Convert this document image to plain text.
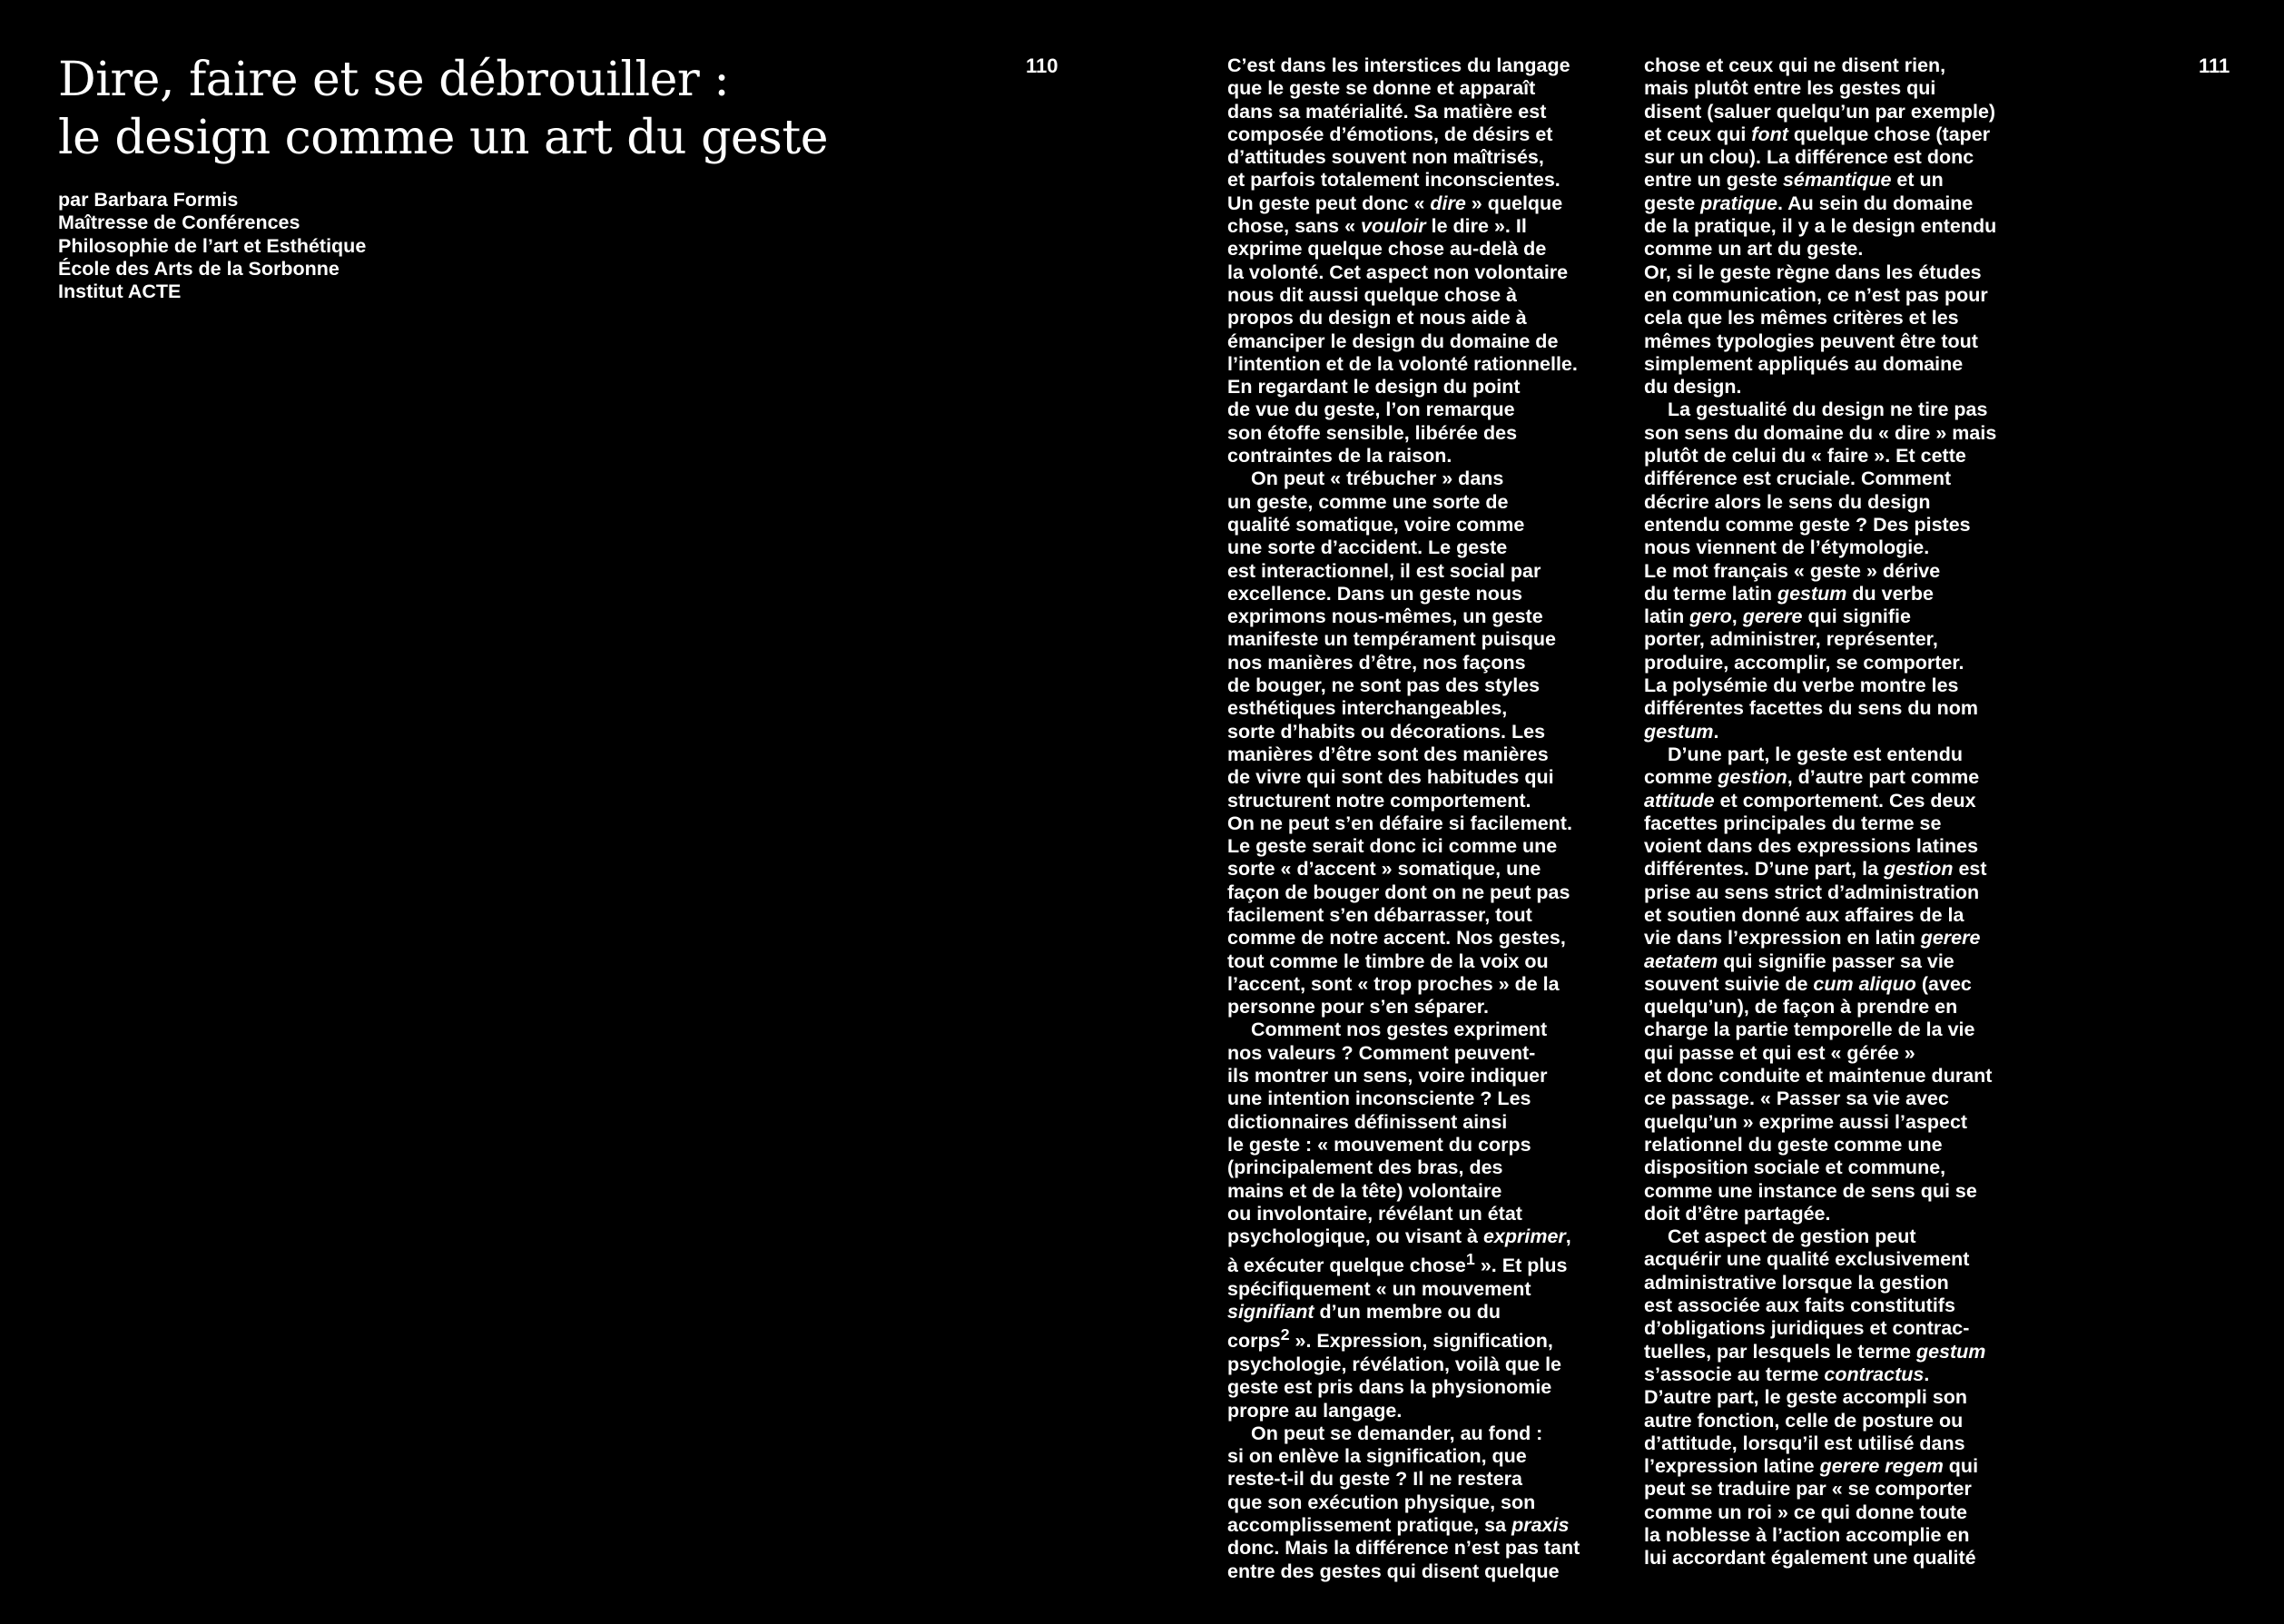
Dire, faire et se débrouiller :
le design comme un art du geste
par Barbara Formis
Maîtresse de Conférences
Philosophie de l’art et Esthétique
École des Arts de la Sorbonne
Institut ACTE
110	111
C’est dans les interstices du langage
que le geste se donne et apparaît
dans sa matérialité. Sa matière est
composée d’émotions, de désirs et
d’attitudes souvent non maîtrisés,
et parfois totalement inconscientes.
Un geste peut donc « dire » quelque
chose, sans « vouloir le dire ». Il
exprime quelque chose au-delà de
la volonté. Cet aspect non volontaire
nous dit aussi quelque chose à
propos du design et nous aide à
émanciper le design du domaine de
l’intention et de la volonté rationnelle.
En regardant le design du point
de vue du geste, l’on remarque
son étoffe sensible, libérée des
contraintes de la raison.
On peut « trébucher » dans
un geste, comme une sorte de
qualité somatique, voire comme
une sorte d’accident. Le geste
est interactionnel, il est social par
excellence. Dans un geste nous
exprimons nous-mêmes, un geste
manifeste un tempérament puisque
nos manières d’être, nos façons
de bouger, ne sont pas des styles
esthétiques interchangeables,
sorte d’habits ou décorations. Les
manières d’être sont des manières
de vivre qui sont des habitudes qui
structurent notre comportement.
On ne peut s’en défaire si facilement.
Le geste serait donc ici comme une
sorte « d’accent » somatique, une
façon de bouger dont on ne peut pas
facilement s’en débarrasser, tout
comme de notre accent. Nos gestes,
tout comme le timbre de la voix ou
l’accent, sont « trop proches » de la
personne pour s’en séparer.
Comment nos gestes expriment
nos valeurs ? Comment peuvent-
ils montrer un sens, voire indiquer
une intention inconsciente ? Les
dictionnaires définissent ainsi
le geste : « mouvement du corps
(principalement des bras, des
mains et de la tête) volontaire
ou involontaire, révélant un état
psychologique, ou visant à exprimer,
à exécuter quelque chose$^1$ ». Et plus
spécifiquement « un mouvement
signifiant d’un membre ou du
corps$^2$ ». Expression, signification,
psychologie, révélation, voilà que le
geste est pris dans la physionomie
propre au langage.
On peut se demander, au fond :
si on enlève la signification, que
reste-t-il du geste ? Il ne restera
que son exécution physique, son
accomplissement pratique, sa praxis
donc. Mais la différence n’est pas tant
entre des gestes qui disent quelque
chose et ceux qui ne disent rien,
mais plutôt entre les gestes qui
disent (saluer quelqu’un par exemple)
et ceux qui font quelque chose (taper
sur un clou). La différence est donc
entre un geste sémantique et un
geste pratique. Au sein du domaine
de la pratique, il y a le design entendu
comme un art du geste.
Or, si le geste règne dans les études
en communication, ce n’est pas pour
cela que les mêmes critères et les
mêmes typologies peuvent être tout
simplement appliqués au domaine
du design.
La gestualité du design ne tire pas
son sens du domaine du « dire » mais
plutôt de celui du « faire ». Et cette
différence est cruciale. Comment
décrire alors le sens du design
entendu comme geste ? Des pistes
nous viennent de l’étymologie.
Le mot français « geste » dérive
du terme latin gestum du verbe
latin gero, gerere qui signifie
porter, administrer, représenter,
produire, accomplir, se comporter.
La polysémie du verbe montre les
différentes facettes du sens du nom
gestum.
D’une part, le geste est entendu
comme gestion, d’autre part comme
attitude et comportement. Ces deux
facettes principales du terme se
voient dans des expressions latines
différentes. D’une part, la gestion est
prise au sens strict d’administration
et soutien donné aux affaires de la
vie dans l’expression en latin gerere
aetatem qui signifie passer sa vie
souvent suivie de cum aliquo (avec
quelqu’un), de façon à prendre en
charge la partie temporelle de la vie
qui passe et qui est « gérée »
et donc conduite et maintenue durant
ce passage. « Passer sa vie avec
quelqu’un » exprime aussi l’aspect
relationnel du geste comme une
disposition sociale et commune,
comme une instance de sens qui se
doit d’être partagée.
Cet aspect de gestion peut
acquérir une qualité exclusivement
administrative lorsque la gestion
est associée aux faits constitutifs
d’obligations juridiques et contrac-
tuelles, par lesquels le terme gestum
s’associe au terme contractus.
D’autre part, le geste accompli son
autre fonction, celle de posture ou
d’attitude, lorsqu’il est utilisé dans
l’expression latine gerere regem qui
peut se traduire par « se comporter
comme un roi » ce qui donne toute
la noblesse à l’action accomplie en
lui accordant également une qualité
